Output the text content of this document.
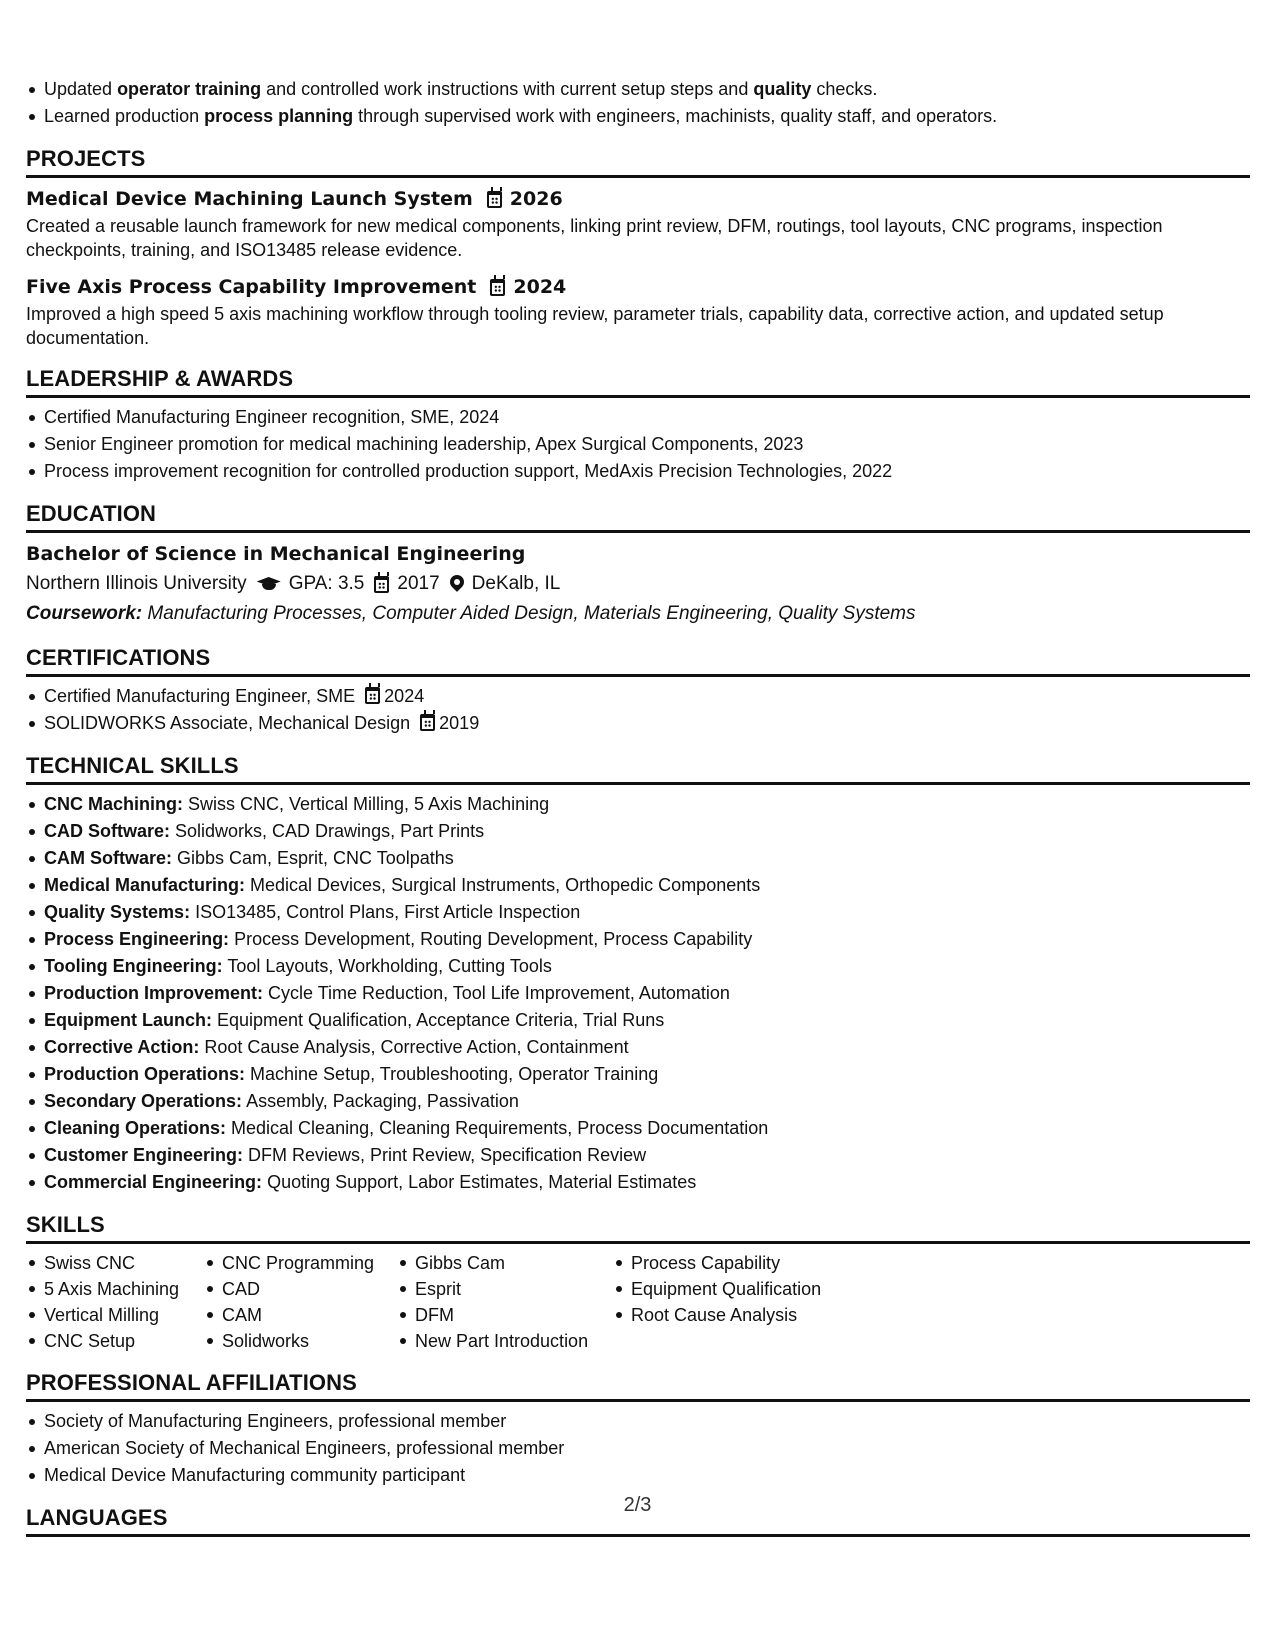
Updated operator training and controlled work instructions with current setup steps and quality checks.
Learned production process planning through supervised work with engineers, machinists, quality staff, and operators.
PROJECTS
Medical Device Machining Launch System 2026
Created a reusable launch framework for new medical components, linking print review, DFM, routings, tool layouts, CNC programs, inspection checkpoints, training, and ISO13485 release evidence.
Five Axis Process Capability Improvement 2024
Improved a high speed 5 axis machining workflow through tooling review, parameter trials, capability data, corrective action, and updated setup documentation.
LEADERSHIP & AWARDS
Certified Manufacturing Engineer recognition, SME, 2024
Senior Engineer promotion for medical machining leadership, Apex Surgical Components, 2023
Process improvement recognition for controlled production support, MedAxis Precision Technologies, 2022
EDUCATION
Bachelor of Science in Mechanical Engineering
Northern Illinois University GPA: 3.5 2017 DeKalb, IL
Coursework: Manufacturing Processes, Computer Aided Design, Materials Engineering, Quality Systems
CERTIFICATIONS
Certified Manufacturing Engineer, SME 2024
SOLIDWORKS Associate, Mechanical Design 2019
TECHNICAL SKILLS
CNC Machining: Swiss CNC, Vertical Milling, 5 Axis Machining
CAD Software: Solidworks, CAD Drawings, Part Prints
CAM Software: Gibbs Cam, Esprit, CNC Toolpaths
Medical Manufacturing: Medical Devices, Surgical Instruments, Orthopedic Components
Quality Systems: ISO13485, Control Plans, First Article Inspection
Process Engineering: Process Development, Routing Development, Process Capability
Tooling Engineering: Tool Layouts, Workholding, Cutting Tools
Production Improvement: Cycle Time Reduction, Tool Life Improvement, Automation
Equipment Launch: Equipment Qualification, Acceptance Criteria, Trial Runs
Corrective Action: Root Cause Analysis, Corrective Action, Containment
Production Operations: Machine Setup, Troubleshooting, Operator Training
Secondary Operations: Assembly, Packaging, Passivation
Cleaning Operations: Medical Cleaning, Cleaning Requirements, Process Documentation
Customer Engineering: DFM Reviews, Print Review, Specification Review
Commercial Engineering: Quoting Support, Labor Estimates, Material Estimates
SKILLS
Swiss CNC
5 Axis Machining
Vertical Milling
CNC Setup
CNC Programming
CAD
CAM
Solidworks
Gibbs Cam
Esprit
DFM
New Part Introduction
Process Capability
Equipment Qualification
Root Cause Analysis
PROFESSIONAL AFFILIATIONS
Society of Manufacturing Engineers, professional member
American Society of Mechanical Engineers, professional member
Medical Device Manufacturing community participant
LANGUAGES	2/3
